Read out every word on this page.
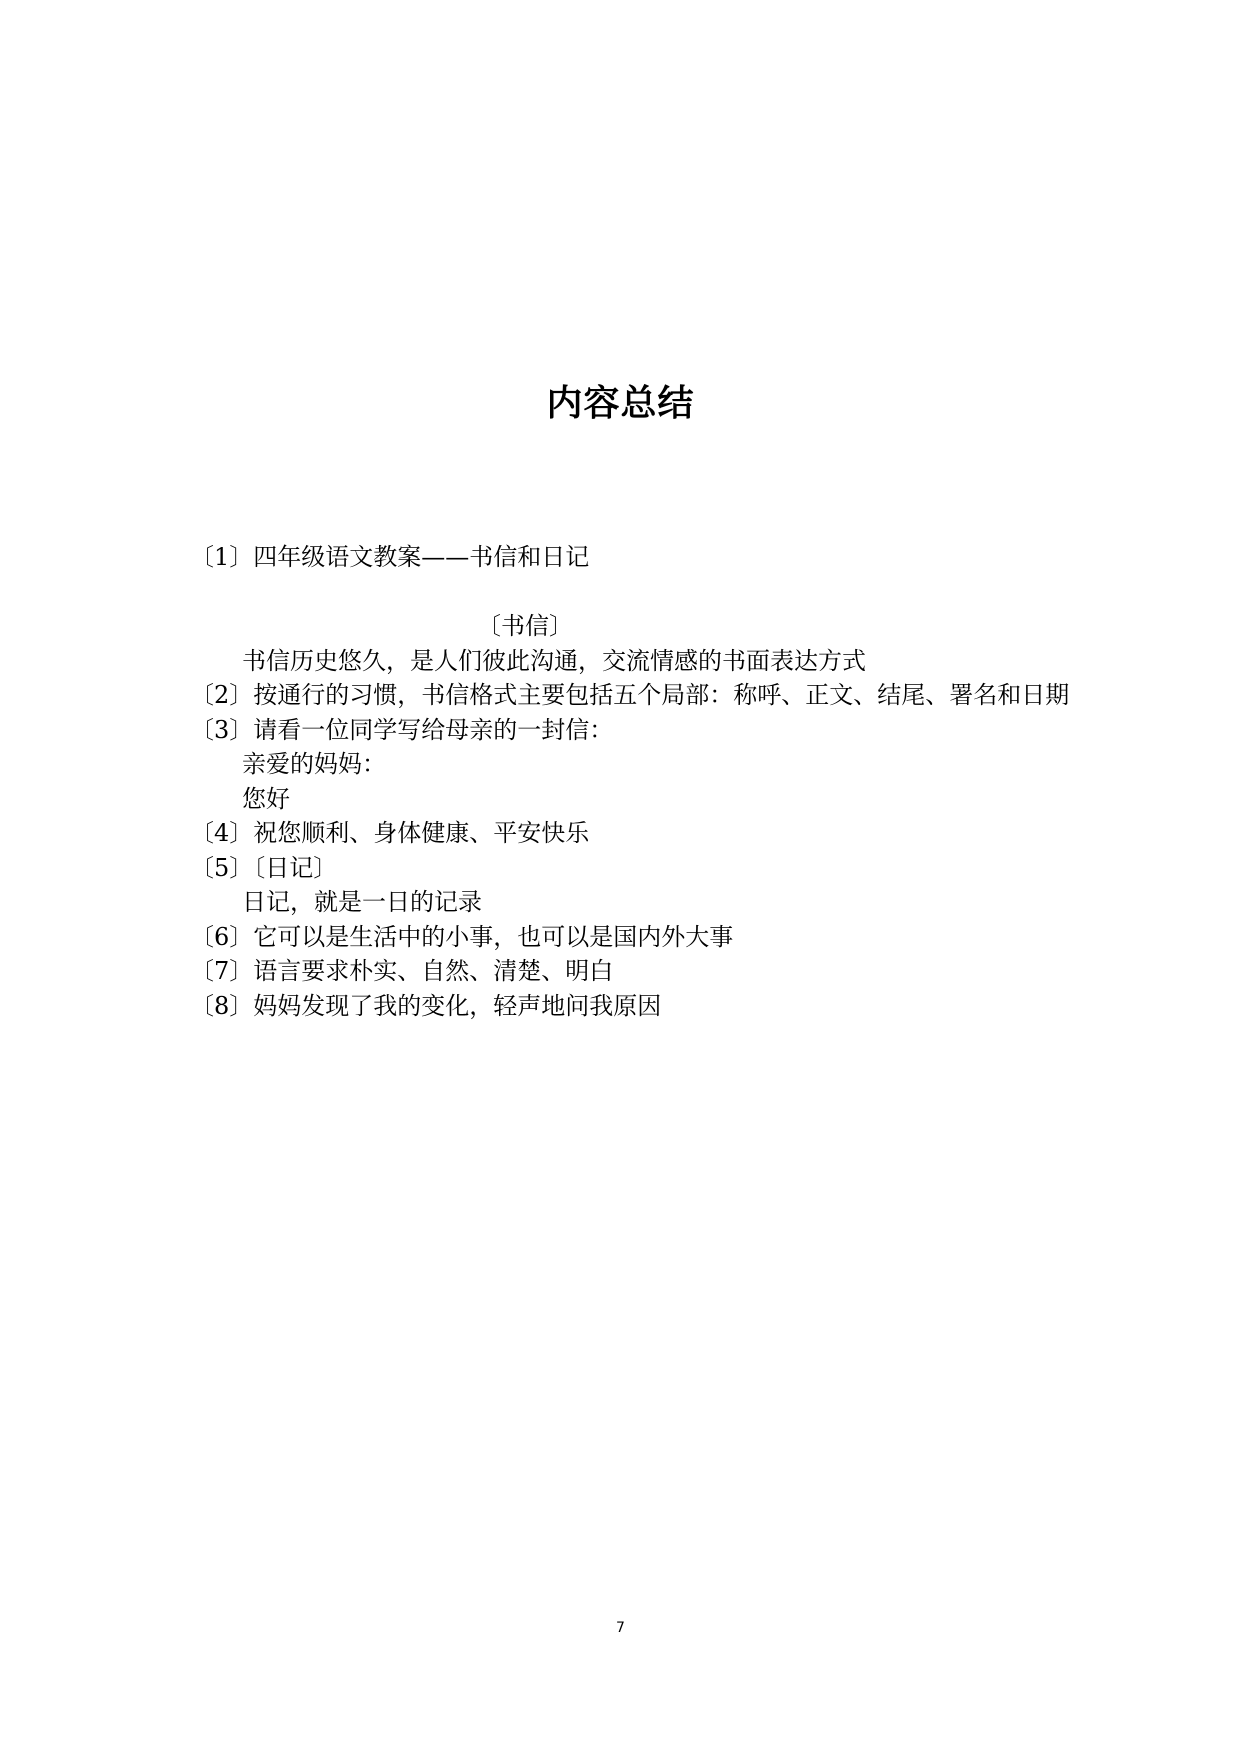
内容总结
〔1〕四年级语文教案——书信和日记
〔书信〕
书信历史悠久，是人们彼此沟通，交流情感的书面表达方式
〔2〕按通行的习惯，书信格式主要包括五个局部：称呼、正文、结尾、署名和日期
〔3〕请看一位同学写给母亲的一封信：
亲爱的妈妈：
您好
〔4〕祝您顺利、身体健康、平安快乐
〔5〕〔日记〕
日记，就是一日的记录
〔6〕它可以是生活中的小事，也可以是国内外大事
〔7〕语言要求朴实、自然、清楚、明白
〔8〕妈妈发现了我的变化，轻声地问我原因
7
